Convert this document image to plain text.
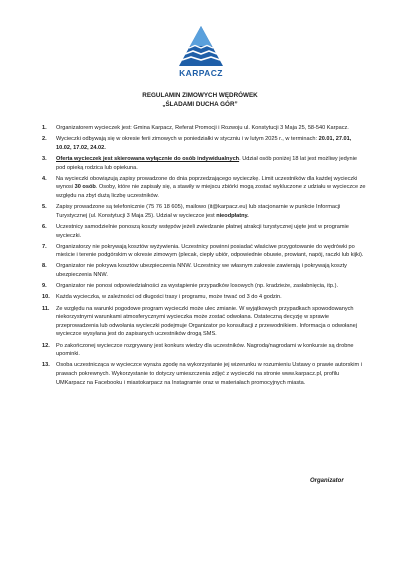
KARPACZ
REGULAMIN ZIMOWYCH WĘDRÓWEK
„ŚLADAMI DUCHA GÓR”
1. Organizatorem wycieczek jest: Gmina Karpacz, Referat Promocji i Rozwoju ul. Konstytucji 3 Maja 25, 58-540 Karpacz.
2. Wycieczki odbywają się w okresie ferii zimowych w poniedziałki w styczniu i w lutym 2025 r., w terminach: 20.01, 27.01, 10.02, 17.02, 24.02.
3. Oferta wycieczek jest skierowana wyłącznie do osób indywidualnych. Udział osób poniżej 18 lat jest możliwy jedynie pod opieką rodzica lub opiekuna.
4. Na wycieczki obowiązują zapisy prowadzone do dnia poprzedzającego wycieczkę. Limit uczestników dla każdej wycieczki wynosi 30 osób. Osoby, które nie zapisały się, a stawiły w miejscu zbiórki mogą zostać wykluczone z udziału w wycieczce ze względu na zbyt dużą liczbę uczestników.
5. Zapisy prowadzone są telefonicznie (75 76 18 605), mailowo (it@karpacz.eu) lub stacjonarnie w punkcie Informacji Turystycznej (ul. Konstytucji 3 Maja 25). Udział w wycieczce jest nieodpłatny.
6. Uczestnicy samodzielnie ponoszą koszty wstępów jeżeli zwiedzanie płatnej atrakcji turystycznej ujęte jest w programie wycieczki.
7. Organizatorzy nie pokrywają kosztów wyżywienia. Uczestnicy powinni posiadać właściwe przygotowanie do wędrówki po mieście i terenie podgórskim w okresie zimowym (plecak, ciepły ubiór, odpowiednie obuwie, prowiant, napój, raczki lub kijki).
8. Organizator nie pokrywa kosztów ubezpieczenia NNW. Uczestnicy we własnym zakresie zawierają i pokrywają koszty ubezpieczenia NNW.
9. Organizator nie ponosi odpowiedzialności za wystąpienie przypadków losowych (np. kradzieże, zasłabnięcia, itp.).
10. Każda wycieczka, w zależności od długości trasy i programu, może trwać od 3 do 4 godzin.
11. Ze względu na warunki pogodowe program wycieczki może ulec zmianie. W wyjątkowych przypadkach spowodowanych niekorzystnymi warunkami atmosferycznymi wycieczka może zostać odwołana. Ostateczną decyzję w sprawie przeprowadzenia lub odwołania wycieczki podejmuje Organizator po konsultacji z przewodnikiem. Informacja o odwołanej wycieczce wysyłana jest do zapisanych uczestników drogą SMS.
12. Po zakończonej wycieczce rozgrywany jest konkurs wiedzy dla uczestników. Nagrodą/nagrodami w konkursie są drobne upominki.
13. Osoba uczestnicząca w wycieczce wyraża zgodę na wykorzystanie jej wizerunku w rozumieniu Ustawy o prawie autorskim i prawach pokrewnych. Wykorzystanie to dotyczy umieszczenia zdjęć z wycieczki na stronie www.karpacz.pl, profilu UMKarpacz na Facebooku i miastokarpacz na Instagramie oraz w materiałach promocyjnych miasta.
Organizator
